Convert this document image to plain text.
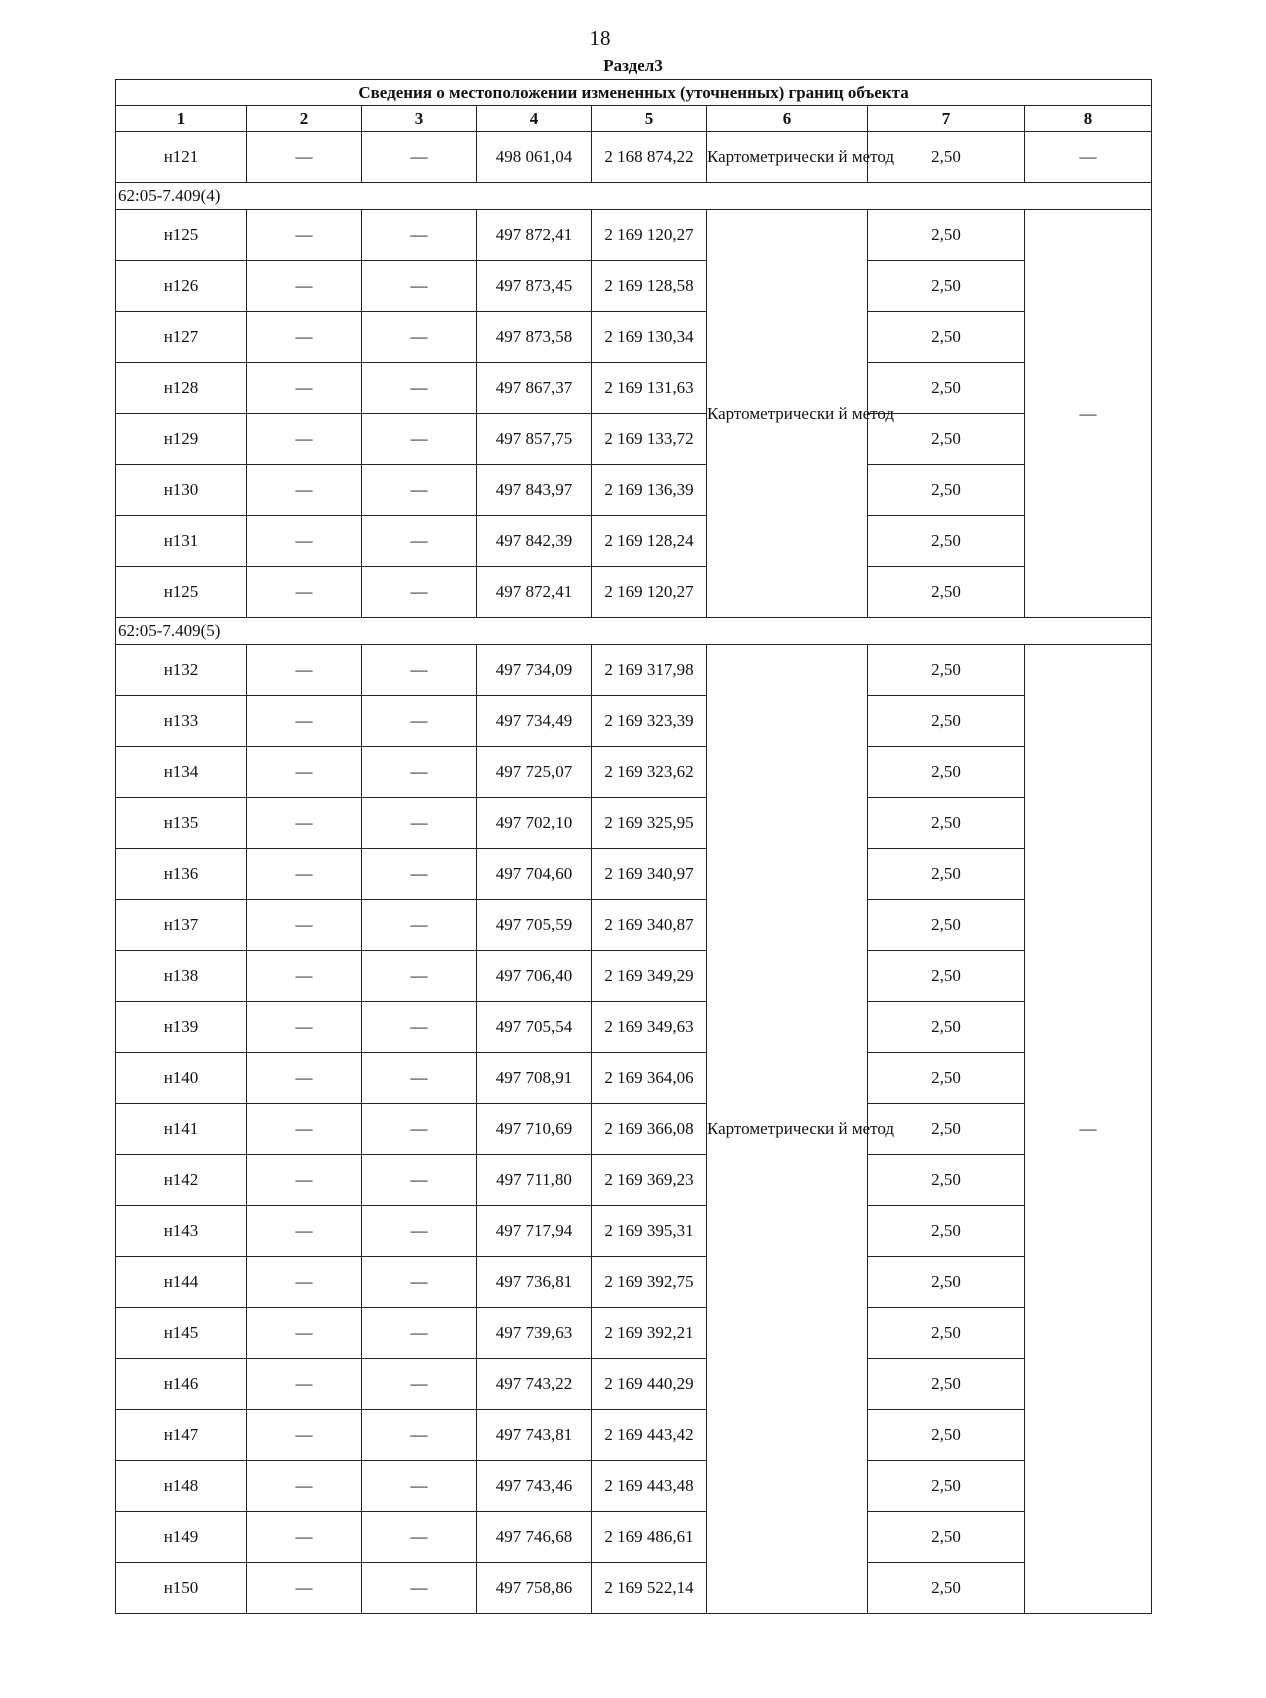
18
Раздел3
Сведения о местоположении измененных (уточненных) границ объекта							
1	2	3	4	5	6	7	8
н121	—	—	498 061,04	2 168 874,22	Картометрически й метод	2,50	—
62:05-7.409(4)							
н125	—	—	497 872,41	2 169 120,27	Картометрически й метод	2,50	—
н126	—	—	497 873,45	2 169 128,58		2,50	
н127	—	—	497 873,58	2 169 130,34		2,50	
н128	—	—	497 867,37	2 169 131,63		2,50	
н129	—	—	497 857,75	2 169 133,72		2,50	
н130	—	—	497 843,97	2 169 136,39		2,50	
н131	—	—	497 842,39	2 169 128,24		2,50	
н125	—	—	497 872,41	2 169 120,27		2,50	
62:05-7.409(5)							
н132	—	—	497 734,09	2 169 317,98	Картометрически й метод	2,50	—
н133	—	—	497 734,49	2 169 323,39		2,50	
н134	—	—	497 725,07	2 169 323,62		2,50	
н135	—	—	497 702,10	2 169 325,95		2,50	
н136	—	—	497 704,60	2 169 340,97		2,50	
н137	—	—	497 705,59	2 169 340,87		2,50	
н138	—	—	497 706,40	2 169 349,29		2,50	
н139	—	—	497 705,54	2 169 349,63		2,50	
н140	—	—	497 708,91	2 169 364,06		2,50	
н141	—	—	497 710,69	2 169 366,08		2,50	
н142	—	—	497 711,80	2 169 369,23		2,50	
н143	—	—	497 717,94	2 169 395,31		2,50	
н144	—	—	497 736,81	2 169 392,75		2,50	
н145	—	—	497 739,63	2 169 392,21		2,50	
н146	—	—	497 743,22	2 169 440,29		2,50	
н147	—	—	497 743,81	2 169 443,42		2,50	
н148	—	—	497 743,46	2 169 443,48		2,50	
н149	—	—	497 746,68	2 169 486,61		2,50	
н150	—	—	497 758,86	2 169 522,14		2,50	
